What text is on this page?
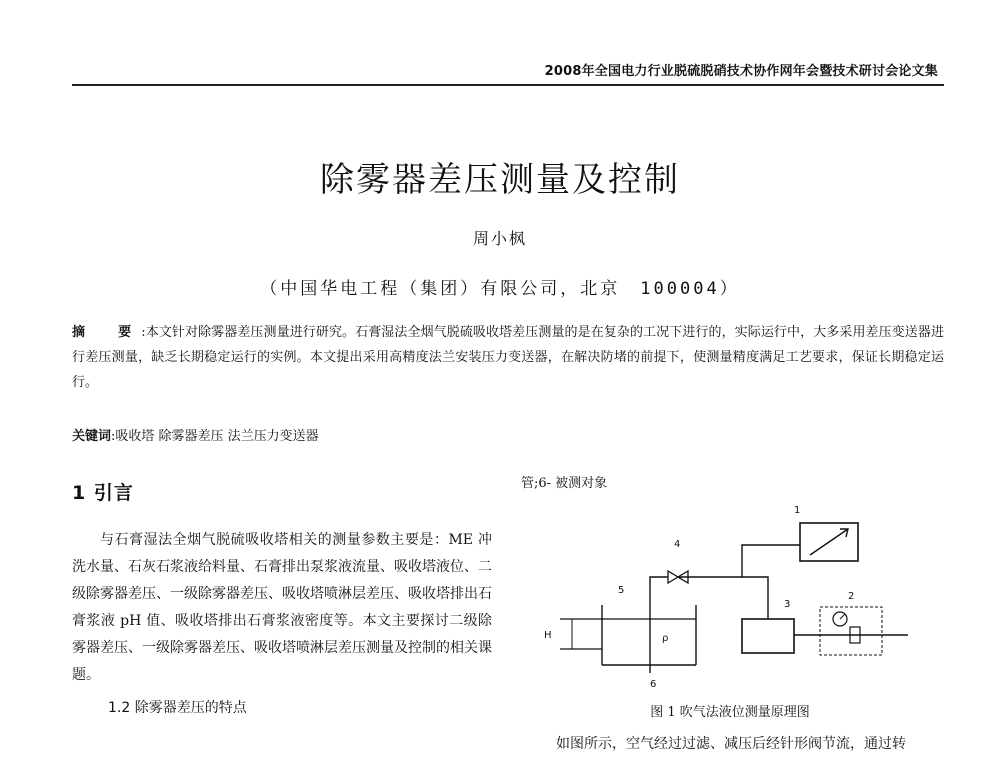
2008年全国电力行业脱硫脱硝技术协作网年会暨技术研讨会论文集
除雾器差压测量及控制
周小枫
（中国华电工程（集团）有限公司，北京　100004）
摘　要:本文针对除雾器差压测量进行研究。石膏湿法全烟气脱硫吸收塔差压测量的是在复杂的工况下进行的，实际运行中，大多采用差压变送器进行差压测量，缺乏长期稳定运行的实例。本文提出采用高精度法兰安装压力变送器，在解决防堵的前提下，使测量精度满足工艺要求，保证长期稳定运行。
关键词:吸收塔 除雾器差压 法兰压力变送器
1 引言

与石膏湿法全烟气脱硫吸收塔相关的测量参数主要是：ME 冲洗水量、石灰石浆液给料量、石膏排出泵浆液流量、吸收塔液位、二级除雾器差压、一级除雾器差压、吸收塔喷淋层差压、吸收塔排出石膏浆液 pH 值、吸收塔排出石膏浆液密度等。本文主要探讨二级除雾器差压、一级除雾器差压、吸收塔喷淋层差压测量及控制的相关课题。

1.2 除雾器差压的特点
管;6- 被测对象
1
4
5
H	ρ
6
3
2
图 1 吹气法液位测量原理图
如图所示，空气经过过滤、减压后经针形阀节流，通过转
